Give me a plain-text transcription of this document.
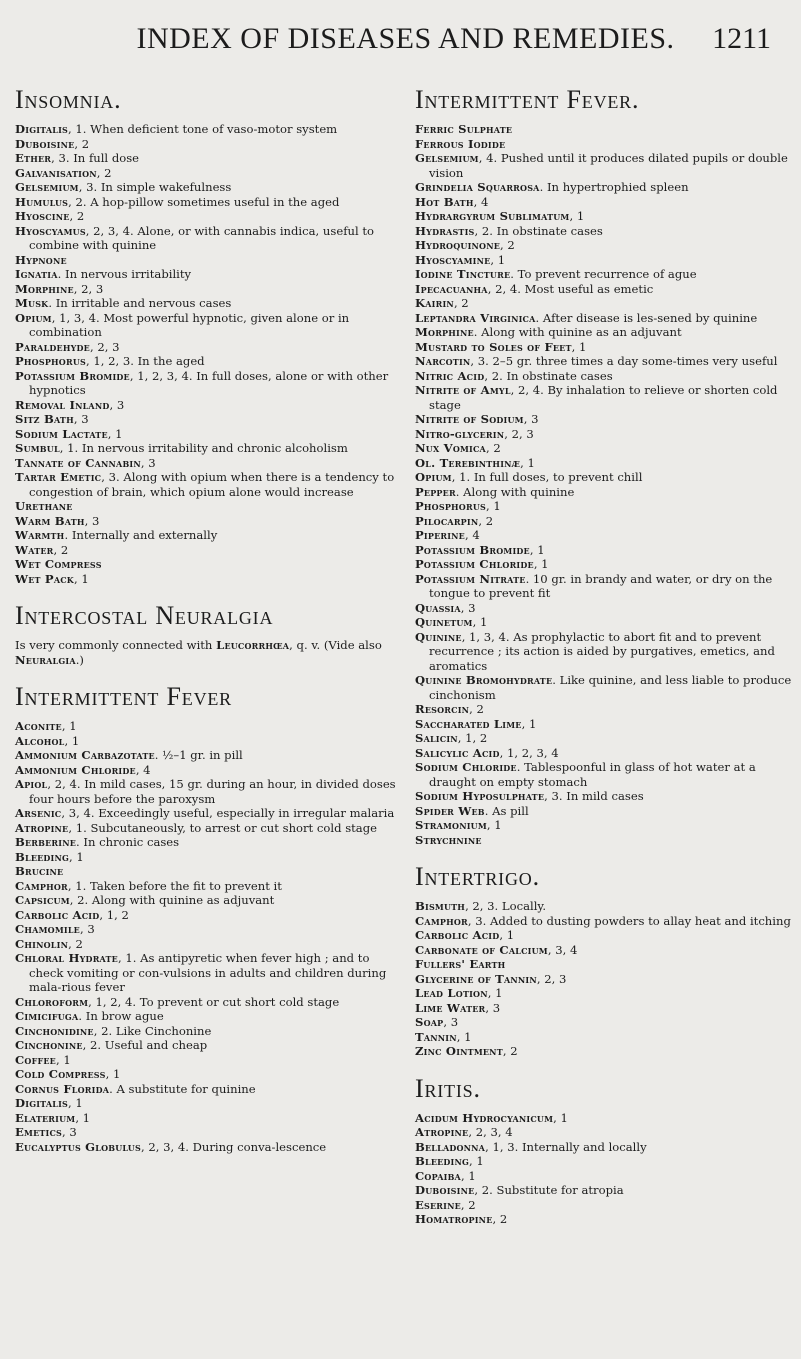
INDEX OF DISEASES AND REMEDIES.	1211
Insomnia.

Digitalis, 1. When deficient tone of vaso-motor system

Duboisine, 2

Ether, 3. In full dose

Galvanisation, 2

Gelsemium, 3. In simple wakefulness

Humulus, 2. A hop-pillow sometimes useful in the aged

Hyoscine, 2

Hyoscyamus, 2, 3, 4. Alone, or with cannabis indica, useful to combine with quinine

Hypnone

Ignatia. In nervous irritability

Morphine, 2, 3

Musk. In irritable and nervous cases

Opium, 1, 3, 4. Most powerful hypnotic, given alone or in combination

Paraldehyde, 2, 3

Phosphorus, 1, 2, 3. In the aged

Potassium Bromide, 1, 2, 3, 4. In full doses, alone or with other hypnotics

Removal Inland, 3

Sitz Bath, 3

Sodium Lactate, 1

Sumbul, 1. In nervous irritability and chronic alcoholism

Tannate of Cannabin, 3

Tartar Emetic, 3. Along with opium when there is a tendency to congestion of brain, which opium alone would increase

Urethane

Warm Bath, 3

Warmth. Internally and externally

Water, 2

Wet Compress

Wet Pack, 1

Intercostal Neuralgia

Is very commonly connected with Leucorrhœa, q. v. (Vide also Neuralgia.)

Intermittent Fever

Aconite, 1

Alcohol, 1

Ammonium Carbazotate. ½–1 gr. in pill

Ammonium Chloride, 4

Apiol, 2, 4. In mild cases, 15 gr. during an hour, in divided doses four hours before the paroxysm

Arsenic, 3, 4. Exceedingly useful, especially in irregular malaria

Atropine, 1. Subcutaneously, to arrest or cut short cold stage

Berberine. In chronic cases

Bleeding, 1

Brucine

Camphor, 1. Taken before the fit to prevent it

Capsicum, 2. Along with quinine as adjuvant

Carbolic Acid, 1, 2

Chamomile, 3

Chinolin, 2

Chloral Hydrate, 1. As antipyretic when fever high ; and to check vomiting or con-vulsions in adults and children during mala-rious fever

Chloroform, 1, 2, 4. To prevent or cut short cold stage

Cimicifuga. In brow ague

Cinchonidine, 2. Like Cinchonine

Cinchonine, 2. Useful and cheap

Coffee, 1

Cold Compress, 1

Cornus Florida. A substitute for quinine

Digitalis, 1

Elaterium, 1

Emetics, 3

Eucalyptus Globulus, 2, 3, 4. During conva-lescence

Intermittent Fever.

Ferric Sulphate

Ferrous Iodide

Gelsemium, 4. Pushed until it produces dilated pupils or double vision

Grindelia Squarrosa. In hypertrophied spleen

Hot Bath, 4

Hydrargyrum Sublimatum, 1

Hydrastis, 2. In obstinate cases

Hydroquinone, 2

Hyoscyamine, 1

Iodine Tincture. To prevent recurrence of ague

Ipecacuanha, 2, 4. Most useful as emetic

Kairin, 2

Leptandra Virginica. After disease is les-sened by quinine

Morphine. Along with quinine as an adjuvant

Mustard to Soles of Feet, 1

Narcotin, 3. 2–5 gr. three times a day some-times very useful

Nitric Acid, 2. In obstinate cases

Nitrite of Amyl, 2, 4. By inhalation to relieve or shorten cold stage

Nitrite of Sodium, 3

Nitro-glycerin, 2, 3

Nux Vomica, 2

Ol. Terebinthinæ, 1

Opium, 1. In full doses, to prevent chill

Pepper. Along with quinine

Phosphorus, 1

Pilocarpin, 2

Piperine, 4

Potassium Bromide, 1

Potassium Chloride, 1

Potassium Nitrate. 10 gr. in brandy and water, or dry on the tongue to prevent fit

Quassia, 3

Quinetum, 1

Quinine, 1, 3, 4. As prophylactic to abort fit and to prevent recurrence ; its action is aided by purgatives, emetics, and aromatics

Quinine Bromohydrate. Like quinine, and less liable to produce cinchonism

Resorcin, 2

Saccharated Lime, 1

Salicin, 1, 2

Salicylic Acid, 1, 2, 3, 4

Sodium Chloride. Tablespoonful in glass of hot water at a draught on empty stomach

Sodium Hyposulphate, 3. In mild cases

Spider Web. As pill

Stramonium, 1

Strychnine

Intertrigo.

Bismuth, 2, 3. Locally.

Camphor, 3. Added to dusting powders to allay heat and itching

Carbolic Acid, 1

Carbonate of Calcium, 3, 4

Fullers' Earth

Glycerine of Tannin, 2, 3

Lead Lotion, 1

Lime Water, 3

Soap, 3

Tannin, 1

Zinc Ointment, 2

Iritis.

Acidum Hydrocyanicum, 1

Atropine, 2, 3, 4

Belladonna, 1, 3. Internally and locally

Bleeding, 1

Copaiba, 1

Duboisine, 2. Substitute for atropia

Eserine, 2

Homatropine, 2
